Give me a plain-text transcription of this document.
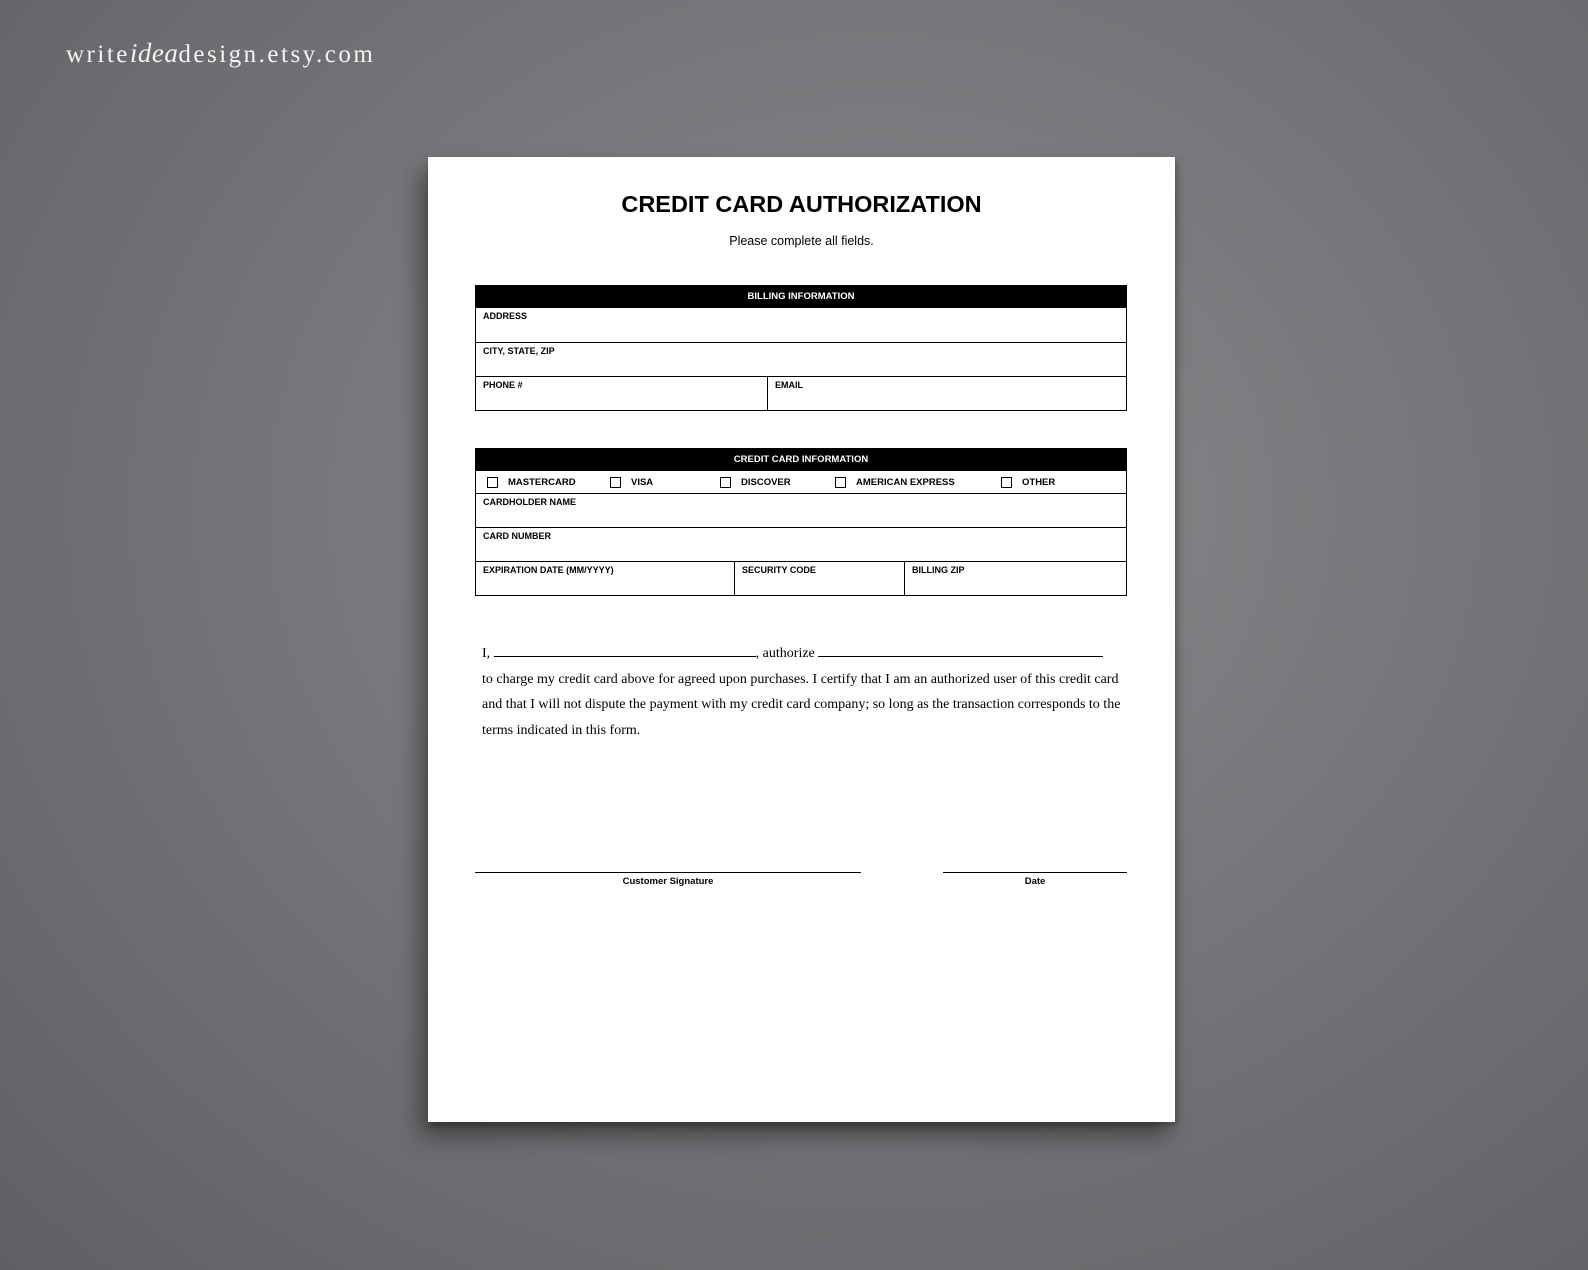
writeideadesign.etsy.com
CREDIT CARD AUTHORIZATION
Please complete all fields.
BILLING INFORMATION
ADDRESS
CITY, STATE, ZIP
PHONE #	EMAIL
CREDIT CARD INFORMATION
MASTERCARD	VISA	DISCOVER	AMERICAN EXPRESS	OTHER
CARDHOLDER NAME
CARD NUMBER
EXPIRATION DATE (MM/YYYY)	SECURITY CODE	BILLING ZIP
I,	, authorize
to charge my credit card above for agreed upon purchases. I certify that I am an authorized user of this credit card and that I will not dispute the payment with my credit card company; so long as the transaction corresponds to the terms indicated in this form.
Customer Signature	Date
